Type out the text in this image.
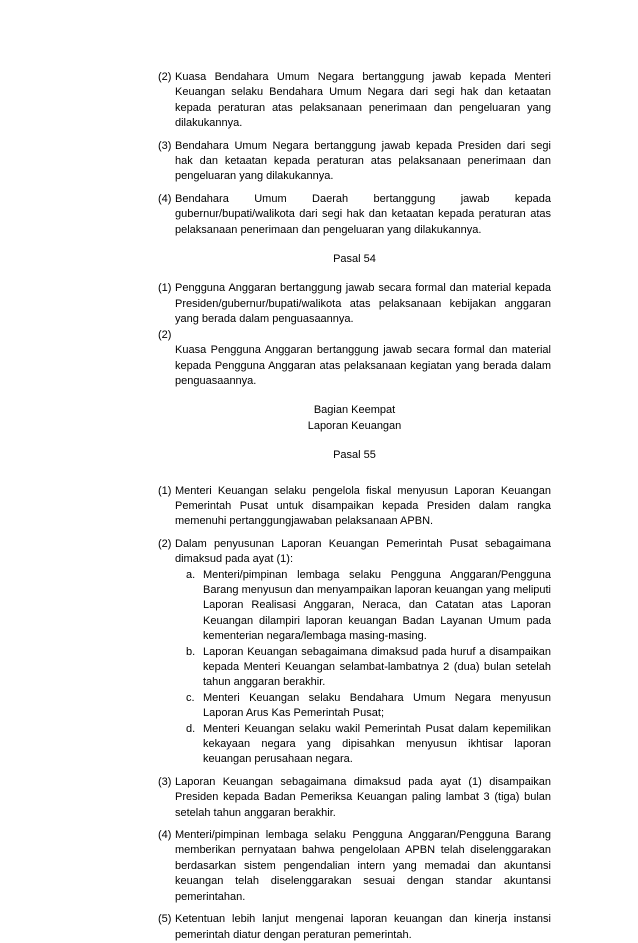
(2) Kuasa Bendahara Umum Negara bertanggung jawab kepada Menteri Keuangan selaku Bendahara Umum Negara dari segi hak dan ketaatan kepada peraturan atas pelaksanaan penerimaan dan pengeluaran yang dilakukannya.
(3) Bendahara Umum Negara bertanggung jawab kepada Presiden dari segi hak dan ketaatan kepada peraturan atas pelaksanaan penerimaan dan pengeluaran yang dilakukannya.
(4) Bendahara Umum Daerah bertanggung jawab kepada gubernur/bupati/walikota dari segi hak dan ketaatan kepada peraturan atas pelaksanaan penerimaan dan pengeluaran yang dilakukannya.
Pasal 54
(1) Pengguna Anggaran bertanggung jawab secara formal dan material kepada Presiden/gubernur/bupati/walikota atas pelaksanaan kebijakan anggaran yang berada dalam penguasaannya.
(2)
Kuasa Pengguna Anggaran bertanggung jawab secara formal dan material kepada Pengguna Anggaran atas pelaksanaan kegiatan yang berada dalam penguasaannya.
Bagian Keempat
Laporan Keuangan
Pasal 55
(1) Menteri Keuangan selaku pengelola fiskal menyusun Laporan Keuangan Pemerintah Pusat untuk disampaikan kepada Presiden dalam rangka memenuhi pertanggungjawaban pelaksanaan APBN.
(2) Dalam penyusunan Laporan Keuangan Pemerintah Pusat sebagaimana dimaksud pada ayat (1):
a. Menteri/pimpinan lembaga selaku Pengguna Anggaran/Pengguna Barang menyusun dan menyampaikan laporan keuangan yang meliputi Laporan Realisasi Anggaran, Neraca, dan Catatan atas Laporan Keuangan dilampiri laporan keuangan Badan Layanan Umum pada kementerian negara/lembaga masing-masing.
b. Laporan Keuangan sebagaimana dimaksud pada huruf a disampaikan kepada Menteri Keuangan selambat-lambatnya 2 (dua) bulan setelah tahun anggaran berakhir.
c. Menteri Keuangan selaku Bendahara Umum Negara menyusun Laporan Arus Kas Pemerintah Pusat;
d. Menteri Keuangan selaku wakil Pemerintah Pusat dalam kepemilikan kekayaan negara yang dipisahkan menyusun ikhtisar laporan keuangan perusahaan negara.
(3) Laporan Keuangan sebagaimana dimaksud pada ayat (1) disampaikan Presiden kepada Badan Pemeriksa Keuangan paling lambat 3 (tiga) bulan setelah tahun anggaran berakhir.
(4) Menteri/pimpinan lembaga selaku Pengguna Anggaran/Pengguna Barang memberikan pernyataan bahwa pengelolaan APBN telah diselenggarakan berdasarkan sistem pengendalian intern yang memadai dan akuntansi keuangan telah diselenggarakan sesuai dengan standar akuntansi pemerintahan.
(5) Ketentuan lebih lanjut mengenai laporan keuangan dan kinerja instansi pemerintah diatur dengan peraturan pemerintah.
